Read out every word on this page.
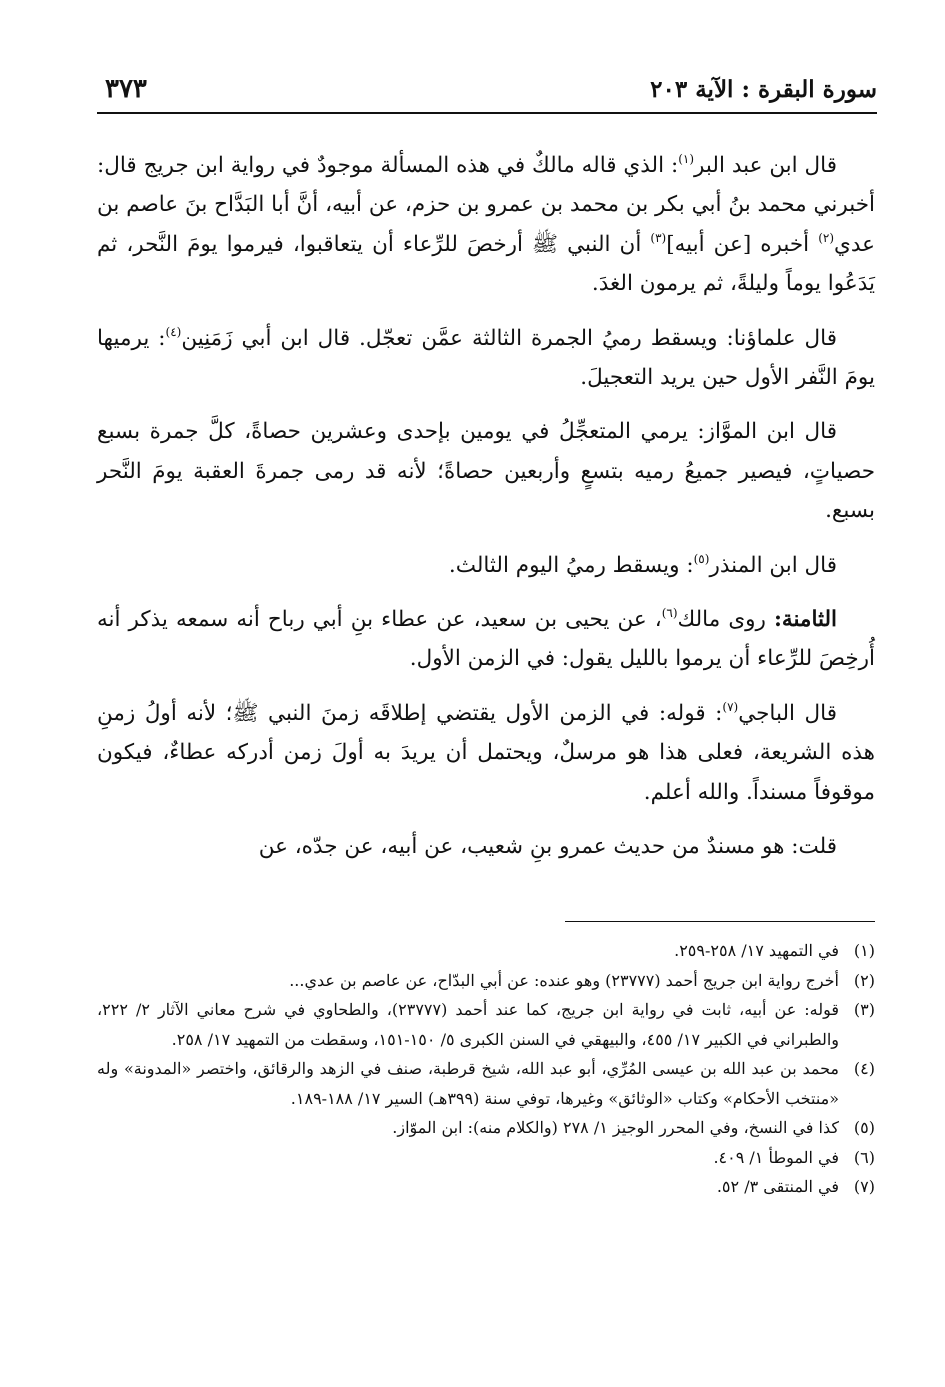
سورة البقرة : الآية ٢٠٣
٣٧٣

قال ابن عبد البر$^{(١)}$: الذي قاله مالكٌ في هذه المسألة موجودٌ في رواية ابن جريج قال: أخبرني محمد بنُ أبي بكر بن محمد بن عمرو بن حزم، عن أبيه، أنَّ أبا البَدَّاح بنَ عاصم بن عدي$^{(٢)}$ أخبره [عن أبيه]$^{(٣)}$ أن النبي ﷺ أرخصَ للرِّعاء أن يتعاقبوا، فيرموا يومَ النَّحر، ثم يَدَعُوا يوماً وليلةً، ثم يرمون الغدَ.

قال علماؤنا: ويسقط رميُ الجمرة الثالثة عمَّن تعجّل. قال ابن أبي زَمَنِين$^{(٤)}$: يرميها يومَ النَّفر الأول حين يريد التعجيلَ.

قال ابن الموَّاز: يرمي المتعجِّلُ في يومين بإحدى وعشرين حصاةً، كلَّ جمرة بسبع حصياتٍ، فيصير جميعُ رميه بتسعٍ وأربعين حصاةً؛ لأنه قد رمى جمرةَ العقبة يومَ النَّحر بسبع.

قال ابن المنذر$^{(٥)}$: ويسقط رميُ اليوم الثالث.

الثامنة: روى مالك$^{(٦)}$، عن يحيى بن سعيد، عن عطاء بنِ أبي رباح أنه سمعه يذكر أنه أُرخِصَ للرِّعاء أن يرموا بالليل يقول: في الزمن الأول.

قال الباجي$^{(٧)}$: قوله: في الزمن الأول يقتضي إطلاقَه زمنَ النبي ﷺ؛ لأنه أولُ زمنِ هذه الشريعة، فعلى هذا هو مرسلٌ، ويحتمل أن يريدَ به أولَ زمن أدركه عطاءٌ، فيكون موقوفاً مسنداً. والله أعلم.

قلت: هو مسندٌ من حديث عمرو بنِ شعيب، عن أبيه، عن جدّه، عن

(١)
في التمهيد ١٧/ ٢٥٨-٢٥٩.
(٢)
أخرج رواية ابن جريج أحمد (٢٣٧٧٧) وهو عنده: عن أبي البدّاح، عن عاصم بن عدي...
(٣)
قوله: عن أبيه، ثابت في رواية ابن جريج، كما عند أحمد (٢٣٧٧٧)، والطحاوي في شرح معاني الآثار ٢/ ٢٢٢، والطبراني في الكبير ١٧/ ٤٥٥، والبيهقي في السنن الكبرى ٥/ ١٥٠-١٥١، وسقطت من التمهيد ١٧/ ٢٥٨.
(٤)
محمد بن عبد الله بن عيسى المُرِّي، أبو عبد الله، شيخ قرطبة، صنف في الزهد والرقائق، واختصر «المدونة» وله «منتخب الأحكام» وكتاب «الوثائق» وغيرها، توفي سنة (٣٩٩هـ) السير ١٧/ ١٨٨-١٨٩.
(٥)
كذا في النسخ، وفي المحرر الوجيز ١/ ٢٧٨ (والكلام منه): ابن الموّاز.
(٦)
في الموطأ ١/ ٤٠٩.
(٧)
في المنتقى ٣/ ٥٢.
